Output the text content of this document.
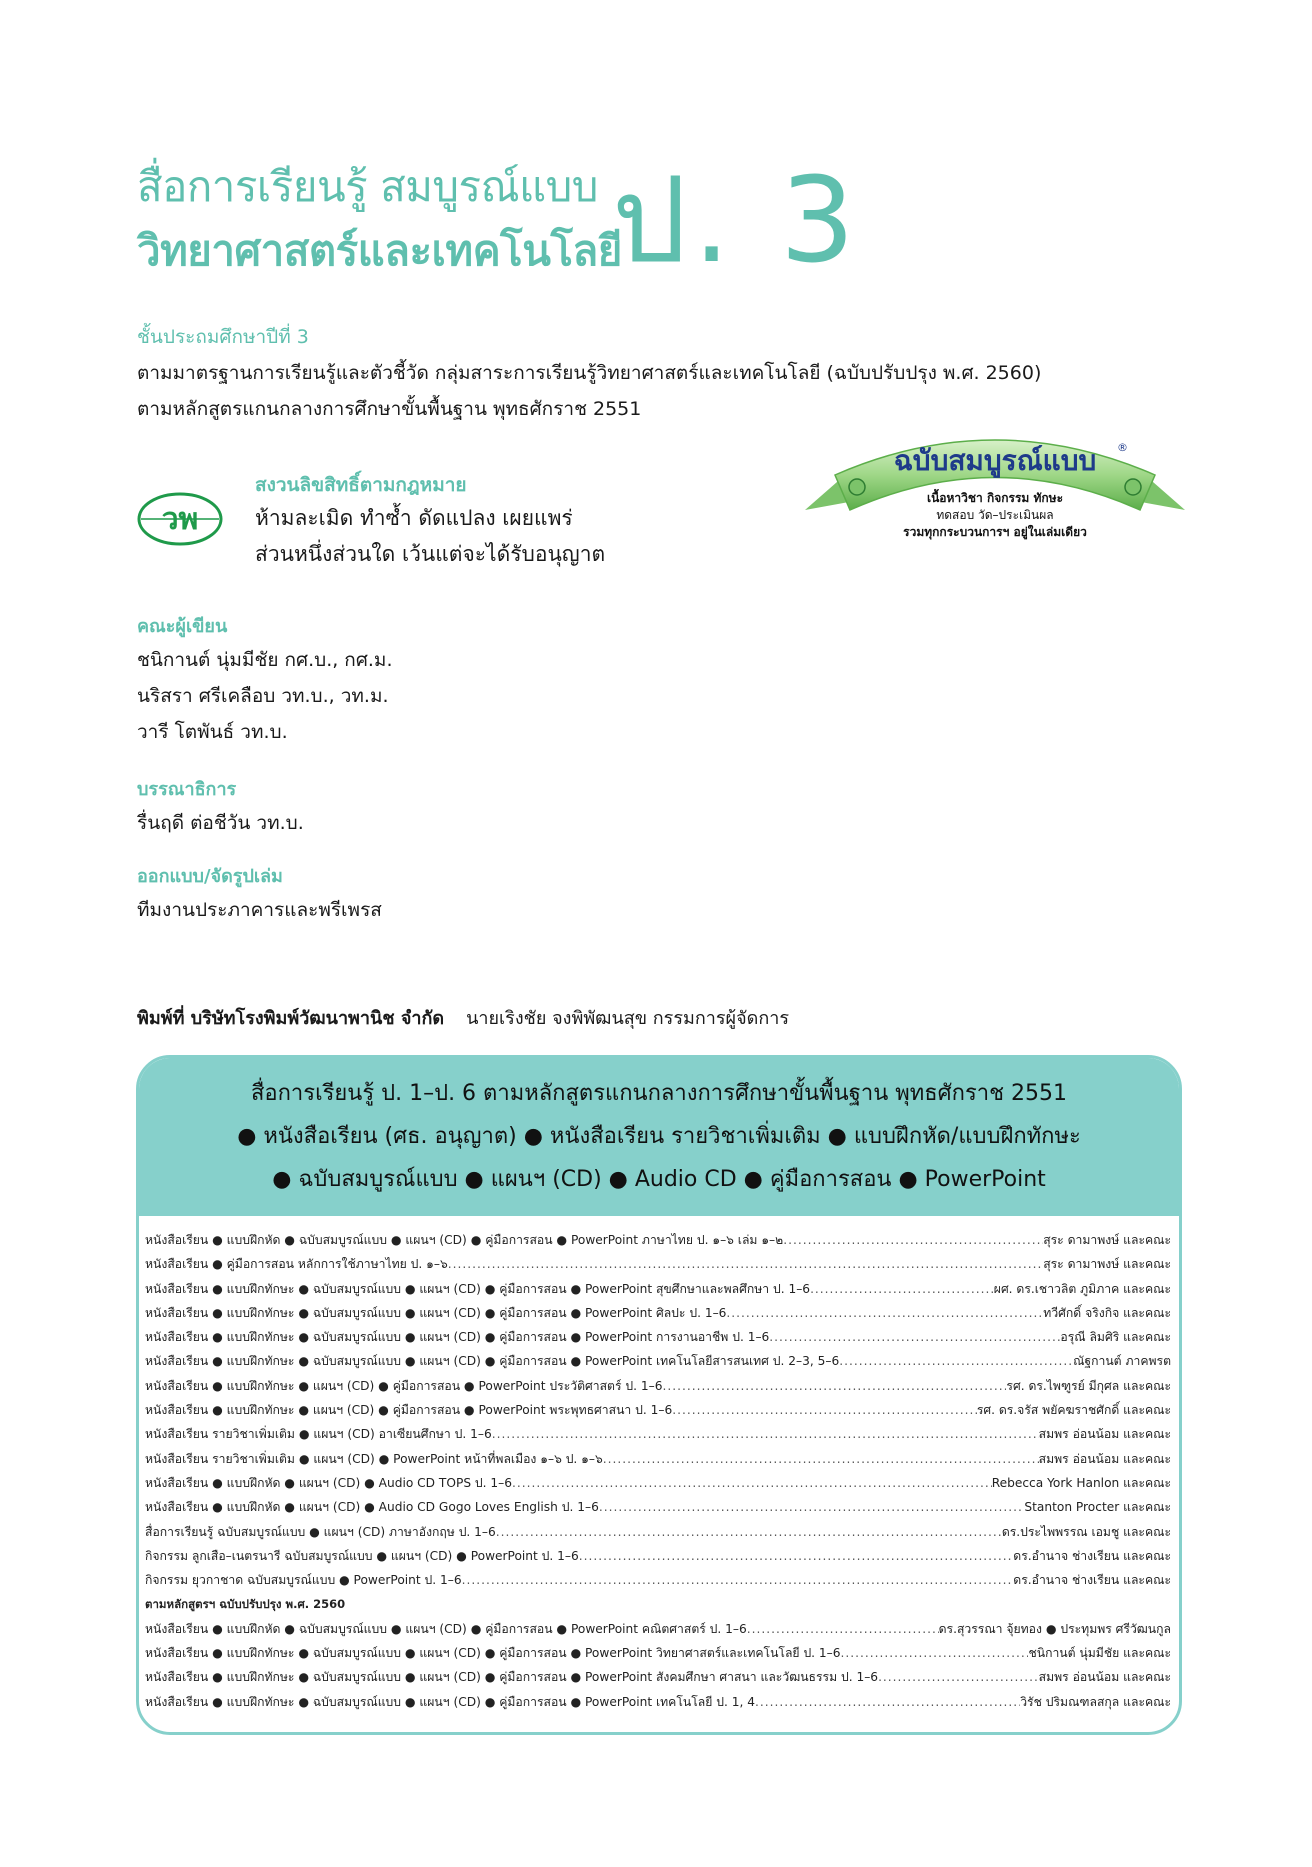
สื่อการเรียนรู้ สมบูรณ์แบบ
วิทยาศาสตร์และเทคโนโลยี
ป. 3
ชั้นประถมศึกษาปีที่ 3
ตามมาตรฐานการเรียนรู้และตัวชี้วัด กลุ่มสาระการเรียนรู้วิทยาศาสตร์และเทคโนโลยี (ฉบับปรับปรุง พ.ศ. 2560)
ตามหลักสูตรแกนกลางการศึกษาขั้นพื้นฐาน พุทธศักราช 2551
วพ
สงวนลิขสิทธิ์ตามกฎหมาย
ห้ามละเมิด ทำซ้ำ ดัดแปลง เผยแพร่
ส่วนหนึ่งส่วนใด เว้นแต่จะได้รับอนุญาต
ฉบับสมบูรณ์แบบ ®
เนื้อหาวิชา กิจกรรม ทักษะ
ทดสอบ วัด–ประเมินผล
รวมทุกกระบวนการฯ อยู่ในเล่มเดียว
คณะผู้เขียน
ชนิกานต์ นุ่มมีชัย กศ.บ., กศ.ม.
นริสรา ศรีเคลือบ วท.บ., วท.ม.
วารี โตพันธ์ วท.บ.
บรรณาธิการ
รื่นฤดี ต่อชีวัน วท.บ.
ออกแบบ/จัดรูปเล่ม
ทีมงานประภาคารและพรีเพรส
พิมพ์ที่ บริษัทโรงพิมพ์วัฒนาพานิช จำกัด นายเริงชัย จงพิพัฒนสุข กรรมการผู้จัดการ
สื่อการเรียนรู้ ป. 1–ป. 6 ตามหลักสูตรแกนกลางการศึกษาขั้นพื้นฐาน พุทธศักราช 2551
● หนังสือเรียน (ศธ. อนุญาต) ● หนังสือเรียน รายวิชาเพิ่มเติม ● แบบฝึกหัด/แบบฝึกทักษะ
● ฉบับสมบูรณ์แบบ ● แผนฯ (CD) ● Audio CD ● คู่มือการสอน ● PowerPoint
หนังสือเรียน ● แบบฝึกหัด ● ฉบับสมบูรณ์แบบ ● แผนฯ (CD) ● คู่มือการสอน ● PowerPoint ภาษาไทย ป. ๑–๖ เล่ม ๑–๒ .....	สุระ ดามาพงษ์ และคณะ
หนังสือเรียน ● คู่มือการสอน หลักการใช้ภาษาไทย ป. ๑–๖ .....	สุระ ดามาพงษ์ และคณะ
หนังสือเรียน ● แบบฝึกทักษะ ● ฉบับสมบูรณ์แบบ ● แผนฯ (CD) ● คู่มือการสอน ● PowerPoint สุขศึกษาและพลศึกษา ป. 1–6 .....	ผศ. ดร.เชาวลิต ภูมิภาค และคณะ
หนังสือเรียน ● แบบฝึกทักษะ ● ฉบับสมบูรณ์แบบ ● แผนฯ (CD) ● คู่มือการสอน ● PowerPoint ศิลปะ ป. 1–6 .....	ทวีศักดิ์ จริงกิจ และคณะ
หนังสือเรียน ● แบบฝึกทักษะ ● ฉบับสมบูรณ์แบบ ● แผนฯ (CD) ● คู่มือการสอน ● PowerPoint การงานอาชีพ ป. 1–6 .....	อรุณี ลิมศิริ และคณะ
หนังสือเรียน ● แบบฝึกทักษะ ● ฉบับสมบูรณ์แบบ ● แผนฯ (CD) ● คู่มือการสอน ● PowerPoint เทคโนโลยีสารสนเทศ ป. 2–3, 5–6 .....	ณัฐกานต์ ภาคพรต
หนังสือเรียน ● แบบฝึกทักษะ ● แผนฯ (CD) ● คู่มือการสอน ● PowerPoint ประวัติศาสตร์ ป. 1–6 .....	รศ. ดร.ไพฑูรย์ มีกุศล และคณะ
หนังสือเรียน ● แบบฝึกทักษะ ● แผนฯ (CD) ● คู่มือการสอน ● PowerPoint พระพุทธศาสนา ป. 1–6 .....	รศ. ดร.จรัส พยัคฆราชศักดิ์ และคณะ
หนังสือเรียน รายวิชาเพิ่มเติม ● แผนฯ (CD) อาเซียนศึกษา ป. 1–6 .....	สมพร อ่อนน้อม และคณะ
หนังสือเรียน รายวิชาเพิ่มเติม ● แผนฯ (CD) ● PowerPoint หน้าที่พลเมือง ๑–๖ ป. ๑–๖ .....	สมพร อ่อนน้อม และคณะ
หนังสือเรียน ● แบบฝึกหัด ● แผนฯ (CD) ● Audio CD TOPS ป. 1–6 .....	Rebecca York Hanlon และคณะ
หนังสือเรียน ● แบบฝึกหัด ● แผนฯ (CD) ● Audio CD Gogo Loves English ป. 1–6 .....	Stanton Procter และคณะ
สื่อการเรียนรู้ ฉบับสมบูรณ์แบบ ● แผนฯ (CD) ภาษาอังกฤษ ป. 1–6 .....	ดร.ประไพพรรณ เอมชู และคณะ
กิจกรรม ลูกเสือ–เนตรนารี ฉบับสมบูรณ์แบบ ● แผนฯ (CD) ● PowerPoint ป. 1–6 .....	ดร.อำนาจ ช่างเรียน และคณะ
กิจกรรม ยุวกาชาด ฉบับสมบูรณ์แบบ ● PowerPoint ป. 1–6 .....	ดร.อำนาจ ช่างเรียน และคณะ
ตามหลักสูตรฯ ฉบับปรับปรุง พ.ศ. 2560
หนังสือเรียน ● แบบฝึกหัด ● ฉบับสมบูรณ์แบบ ● แผนฯ (CD) ● คู่มือการสอน ● PowerPoint คณิตศาสตร์ ป. 1–6 .....	ดร.สุวรรณา จุ้ยทอง ● ประทุมพร ศรีวัฒนกูล
หนังสือเรียน ● แบบฝึกทักษะ ● ฉบับสมบูรณ์แบบ ● แผนฯ (CD) ● คู่มือการสอน ● PowerPoint วิทยาศาสตร์และเทคโนโลยี ป. 1–6 .....	ชนิกานต์ นุ่มมีชัย และคณะ
หนังสือเรียน ● แบบฝึกทักษะ ● ฉบับสมบูรณ์แบบ ● แผนฯ (CD) ● คู่มือการสอน ● PowerPoint สังคมศึกษา ศาสนา และวัฒนธรรม ป. 1–6 .....	สมพร อ่อนน้อม และคณะ
หนังสือเรียน ● แบบฝึกทักษะ ● ฉบับสมบูรณ์แบบ ● แผนฯ (CD) ● คู่มือการสอน ● PowerPoint เทคโนโลยี ป. 1, 4 .....	วิรัช ปริมณฑลสกุล และคณะ
